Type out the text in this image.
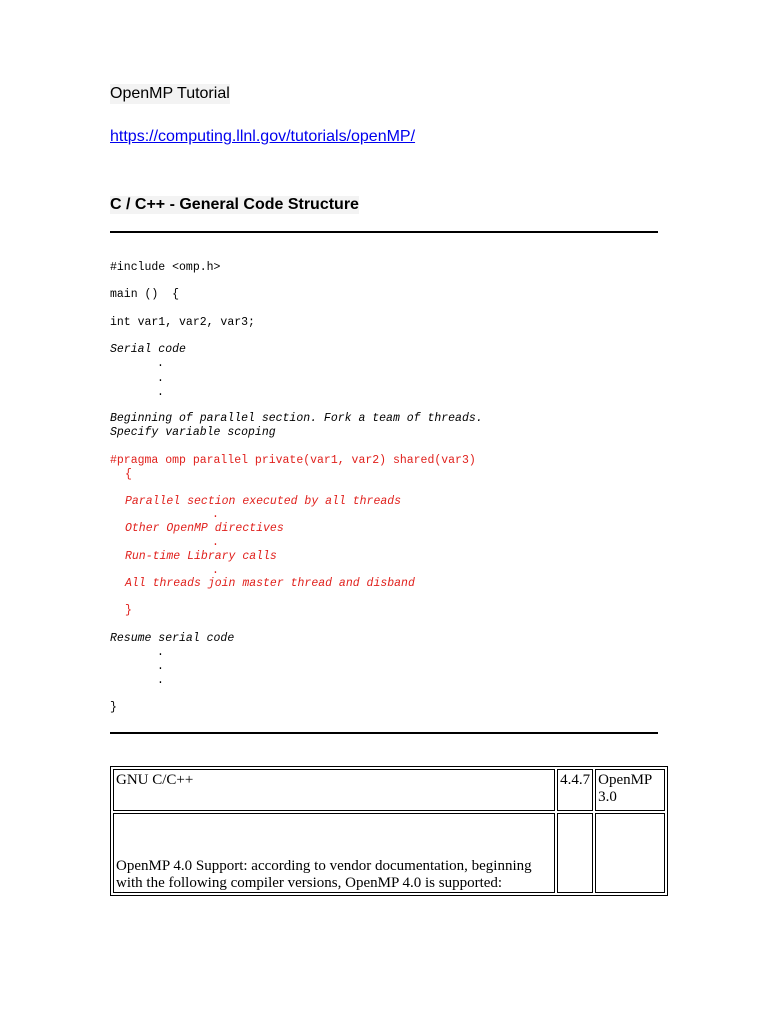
OpenMP Tutorial
https://computing.llnl.gov/tutorials/openMP/
C / C++ - General Code Structure
#include <omp.h>
main ()  {
int var1, var2, var3;
Serial code
.
.
.
Beginning of parallel section. Fork a team of threads.
Specify variable scoping
#pragma omp parallel private(var1, var2) shared(var3)
{
Parallel section executed by all threads
.
Other OpenMP directives
.
Run-time Library calls
.
All threads join master thread and disband
}
Resume serial code
.
.
.
}
GNU C/C++	4.4.7	OpenMP
3.0
OpenMP 4.0 Support: according to vendor documentation, beginning with the following compiler versions, OpenMP 4.0 is supported:		
